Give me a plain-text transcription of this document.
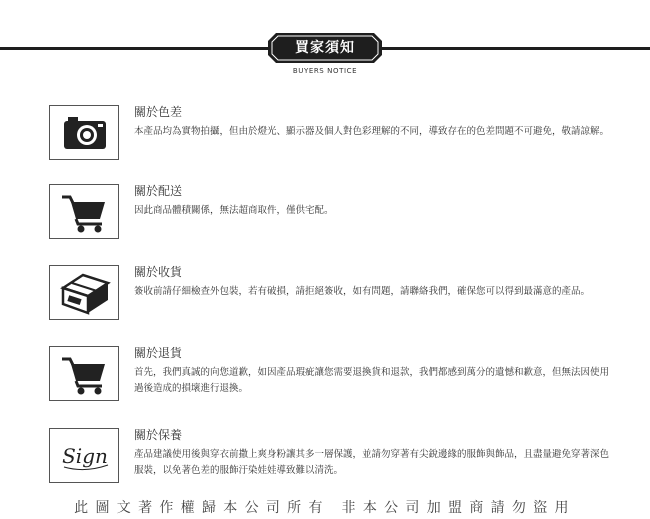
買家須知
BUYERS NOTICE
關於色差
本產品均為實物拍攝，但由於燈光、顯示器及個人對色彩理解的不同，導致存在的色差問題不可避免，敬請諒解。
關於配送
因此商品體積關係，無法超商取件，僅供宅配。
關於收貨
簽收前請仔細檢查外包裝，若有破損，請拒絕簽收，如有問題，請聯絡我們，確保您可以得到最滿意的產品。
關於退貨
首先，我們真誠的向您道歉，如因產品瑕疵讓您需要退換貨和退款，我們都感到萬分的遺憾和歉意，但無法因使用過後造成的損壞進行退換。
Sign
關於保養
產品建議使用後與穿衣前撒上爽身粉讓其多一層保護，並請勿穿著有尖銳邊緣的服飾與飾品，且盡量避免穿著深色服裝，以免著色差的服飾汙染娃娃導致難以清洗。
此圖文著作權歸本公司所有 非本公司加盟商請勿盜用
